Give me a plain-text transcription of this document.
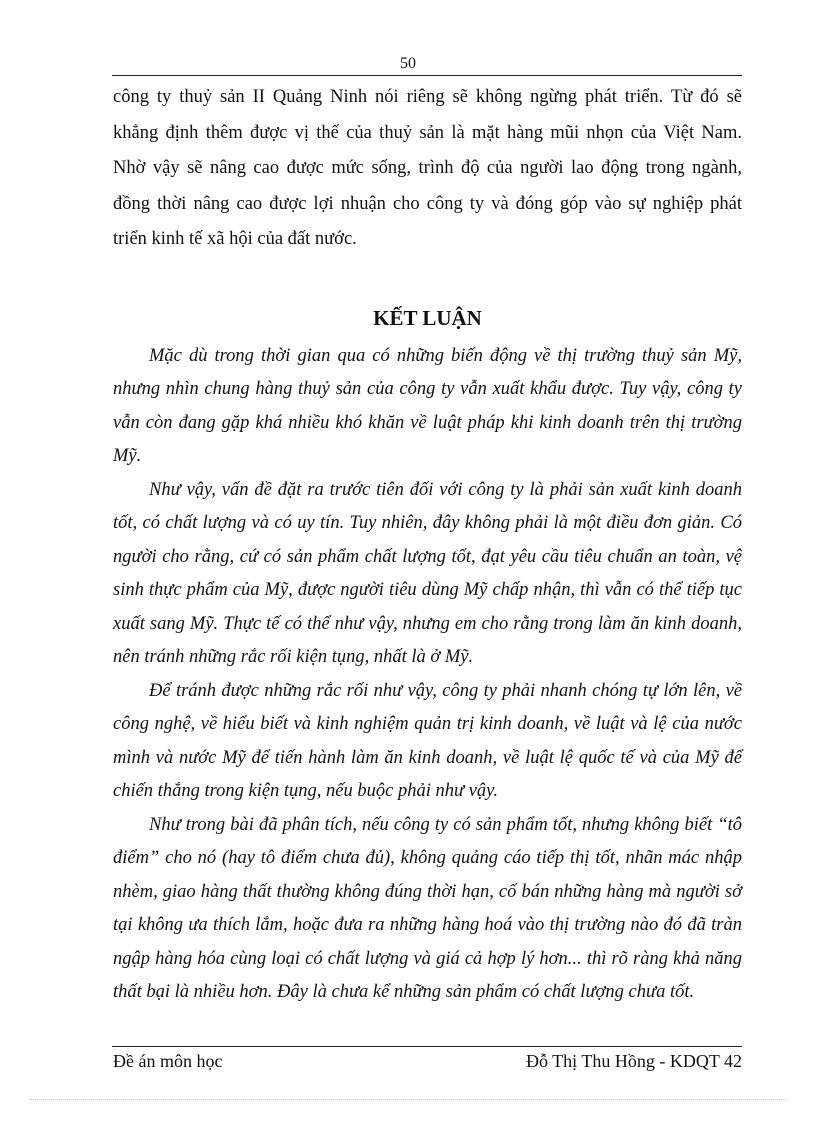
50

công ty thuỷ sản II Quảng Ninh nói riêng sẽ không ngừng phát triển. Từ đó sẽ

khẳng định thêm được vị thế của thuỷ sản là mặt hàng mũi nhọn của Việt Nam.

Nhờ vậy sẽ nâng cao được mức sống, trình độ của người lao động trong ngành,

đồng thời nâng cao được lợi nhuận cho công ty và đóng góp vào sự nghiệp phát

triển kinh tế xã hội của đất nước.

KẾT LUẬN

Mặc dù trong thời gian qua có những biến động về thị trường thuỷ sản Mỹ, nhưng nhìn chung hàng thuỷ sản của công ty vẫn xuất khẩu được. Tuy vậy, công ty vẫn còn đang gặp khá nhiều khó khăn về luật pháp khi kinh doanh trên thị trường Mỹ.

Như vậy, vấn đề đặt ra trước tiên đối với công ty là phải sản xuất kinh doanh tốt, có chất lượng và có uy tín. Tuy nhiên, đây không phải là một điều đơn giản. Có người cho rằng, cứ có sản phẩm chất lượng tốt, đạt yêu cầu tiêu chuẩn an toàn, vệ sinh thực phẩm của Mỹ, được người tiêu dùng Mỹ chấp nhận, thì vẫn có thể tiếp tục xuất sang Mỹ. Thực tế có thể như vậy, nhưng em cho rằng trong làm ăn kinh doanh, nên tránh những rắc rối kiện tụng, nhất là ở Mỹ.

Để tránh được những rắc rối như vậy, công ty phải nhanh chóng tự lớn lên, về công nghệ, về hiểu biết và kinh nghiệm quản trị kinh doanh, về luật và lệ của nước mình và nước Mỹ để tiến hành làm ăn kinh doanh, về luật lệ quốc tế và của Mỹ để chiến thắng trong kiện tụng, nếu buộc phải như vậy.

Như trong bài đã phân tích, nếu công ty có sản phẩm tốt, nhưng không biết “tô điểm” cho nó (hay tô điểm chưa đủ), không quảng cáo tiếp thị tốt, nhãn mác nhập nhèm, giao hàng thất thường không đúng thời hạn, cố bán những hàng mà người sở tại không ưa thích lắm, hoặc đưa ra những hàng hoá vào thị trường nào đó đã tràn ngập hàng hóa cùng loại có chất lượng và giá cả hợp lý hơn... thì rõ ràng khả năng thất bại là nhiều hơn. Đây là chưa kể những sản phẩm có chất lượng chưa tốt.

Đề án môn học	Đỗ Thị Thu Hồng - KDQT 42
